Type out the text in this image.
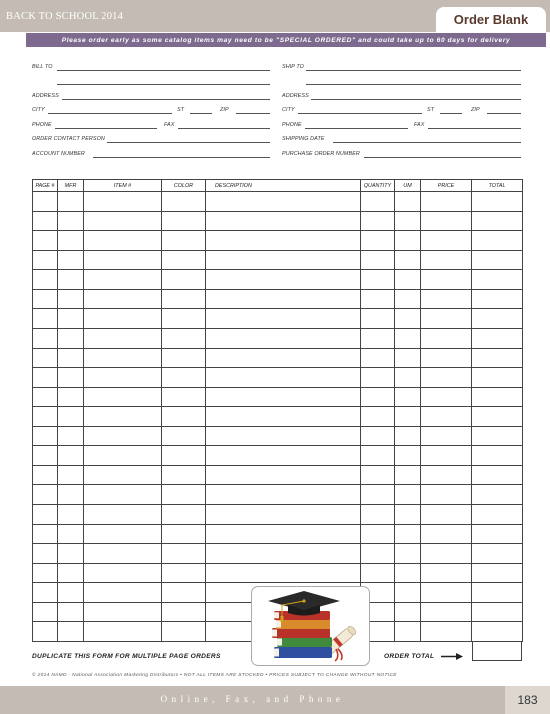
BACK TO SCHOOL 2014	Order Blank
Please order early as some catalog items may need to be "SPECIAL ORDERED" and could take up to 60 days for delivery
BILL TO
ADDRESS
CITY	ST	ZIP
PHONE	FAX
ORDER CONTACT PERSON
ACCOUNT NUMBER
SHIP TO
ADDRESS
CITY	ST	ZIP
PHONE	FAX
SHIPPING DATE
PURCHASE ORDER NUMBER
PAGE #	MFR	ITEM #	COLOR	DESCRIPTION	QUANTITY	UM	PRICE	TOTAL

DUPLICATE THIS FORM FOR MULTIPLE PAGE ORDERS	ORDER TOTAL
© 2014 NAMD - National Association Marketing Distributors • NOT ALL ITEMS ARE STOCKED • PRICES SUBJECT TO CHANGE WITHOUT NOTICE
Online, Fax, and Phone	183
